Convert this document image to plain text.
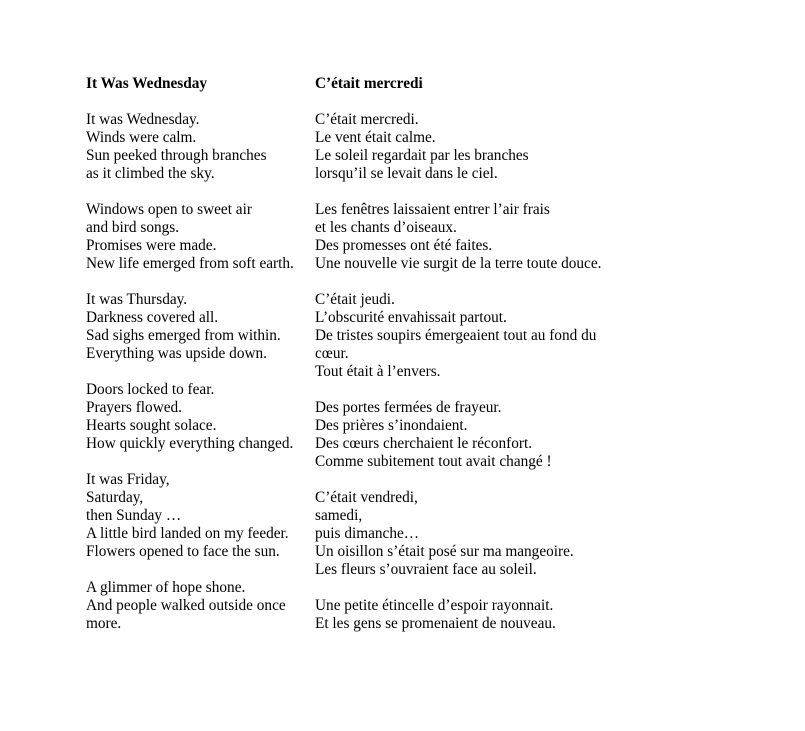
It Was Wednesday

It was Wednesday.
Winds were calm.
Sun peeked through branches
as it climbed the sky.

Windows open to sweet air
and bird songs.
Promises were made.
New life emerged from soft earth.

It was Thursday.
Darkness covered all.
Sad sighs emerged from within.
Everything was upside down.

Doors locked to fear.
Prayers flowed.
Hearts sought solace.
How quickly everything changed.

It was Friday,
Saturday,
then Sunday …
A little bird landed on my feeder.
Flowers opened to face the sun.

A glimmer of hope shone.
And people walked outside once more.
C’était mercredi

C’était mercredi.
Le vent était calme.
Le soleil regardait par les branches
lorsqu’il se levait dans le ciel.

Les fenêtres laissaient entrer l’air frais
et les chants d’oiseaux.
Des promesses ont été faites.
Une nouvelle vie surgit de la terre toute douce.

C’était jeudi.
L’obscurité envahissait partout.
De tristes soupirs émergeaient tout au fond du cœur.
Tout était à l’envers.

Des portes fermées de frayeur.
Des prières s’inondaient.
Des cœurs cherchaient le réconfort.
Comme subitement tout avait changé !

C’était vendredi,
samedi,
puis dimanche…
Un oisillon s’était posé sur ma mangeoire.
Les fleurs s’ouvraient face au soleil.

Une petite étincelle d’espoir rayonnait.
Et les gens se promenaient de nouveau.
